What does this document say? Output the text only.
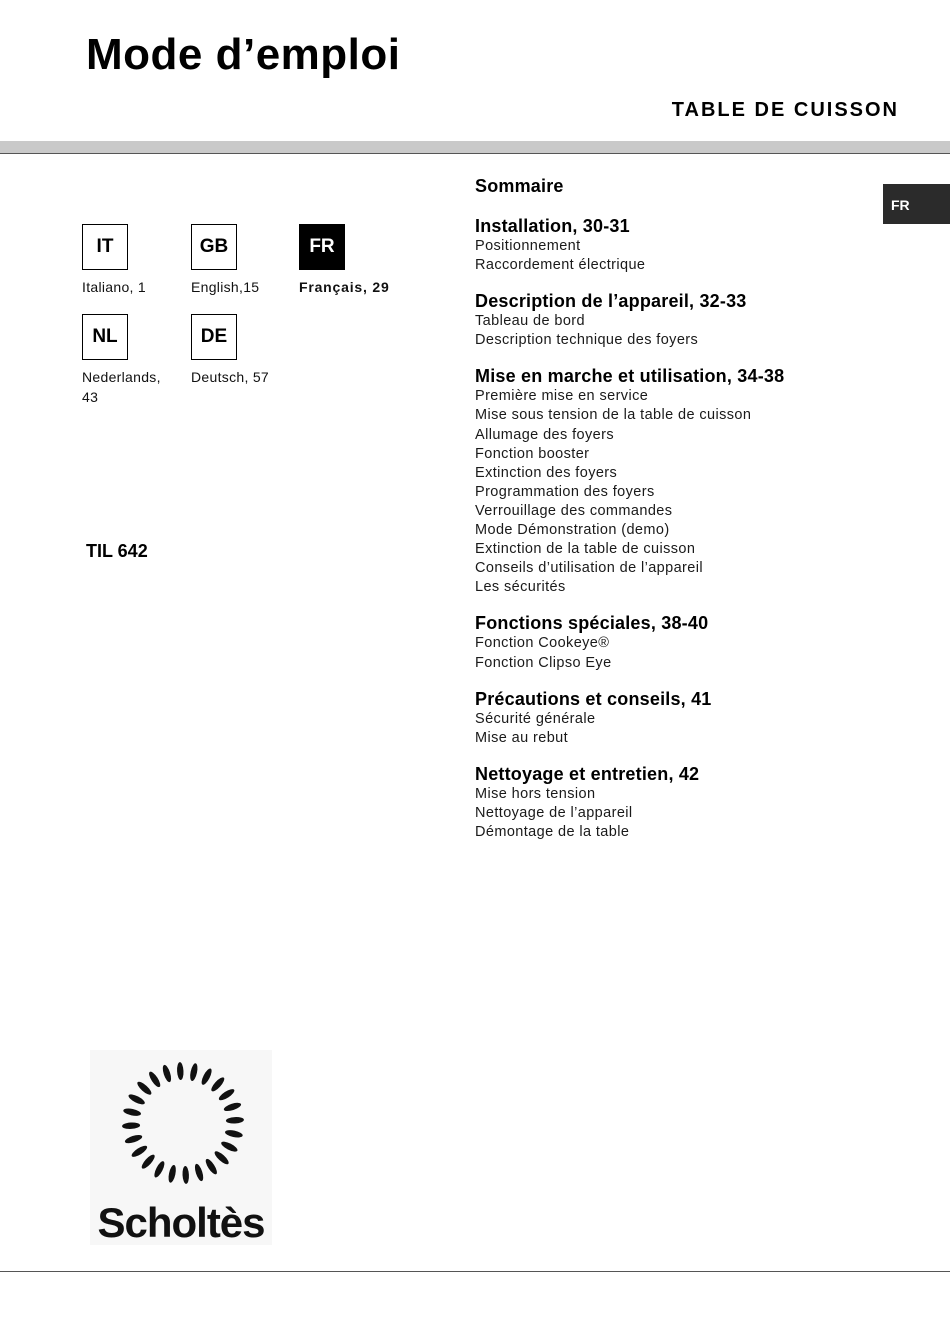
Mode d’emploi
TABLE DE CUISSON
FR
IT
Italiano, 1
GB
English,15
FR
Français, 29
NL
Nederlands, 43
DE
Deutsch, 57
TIL 642
Sommaire
Installation, 30-31
Positionnement
Raccordement électrique
Description de l’appareil, 32-33
Tableau de bord
Description technique des foyers
Mise en marche et utilisation, 34-38
Première mise en service
Mise sous tension de la table de cuisson
Allumage des foyers
Fonction booster
Extinction des foyers
Programmation des foyers
Verrouillage des commandes
Mode Démonstration (demo)
Extinction de la table de cuisson
Conseils d’utilisation de l’appareil
Les sécurités
Fonctions spéciales, 38-40
Fonction Cookeye®
Fonction Clipso Eye
Précautions et conseils, 41
Sécurité générale
Mise au rebut
Nettoyage et entretien, 42
Mise hors tension
Nettoyage de l’appareil
Démontage de la table
Scholtès
